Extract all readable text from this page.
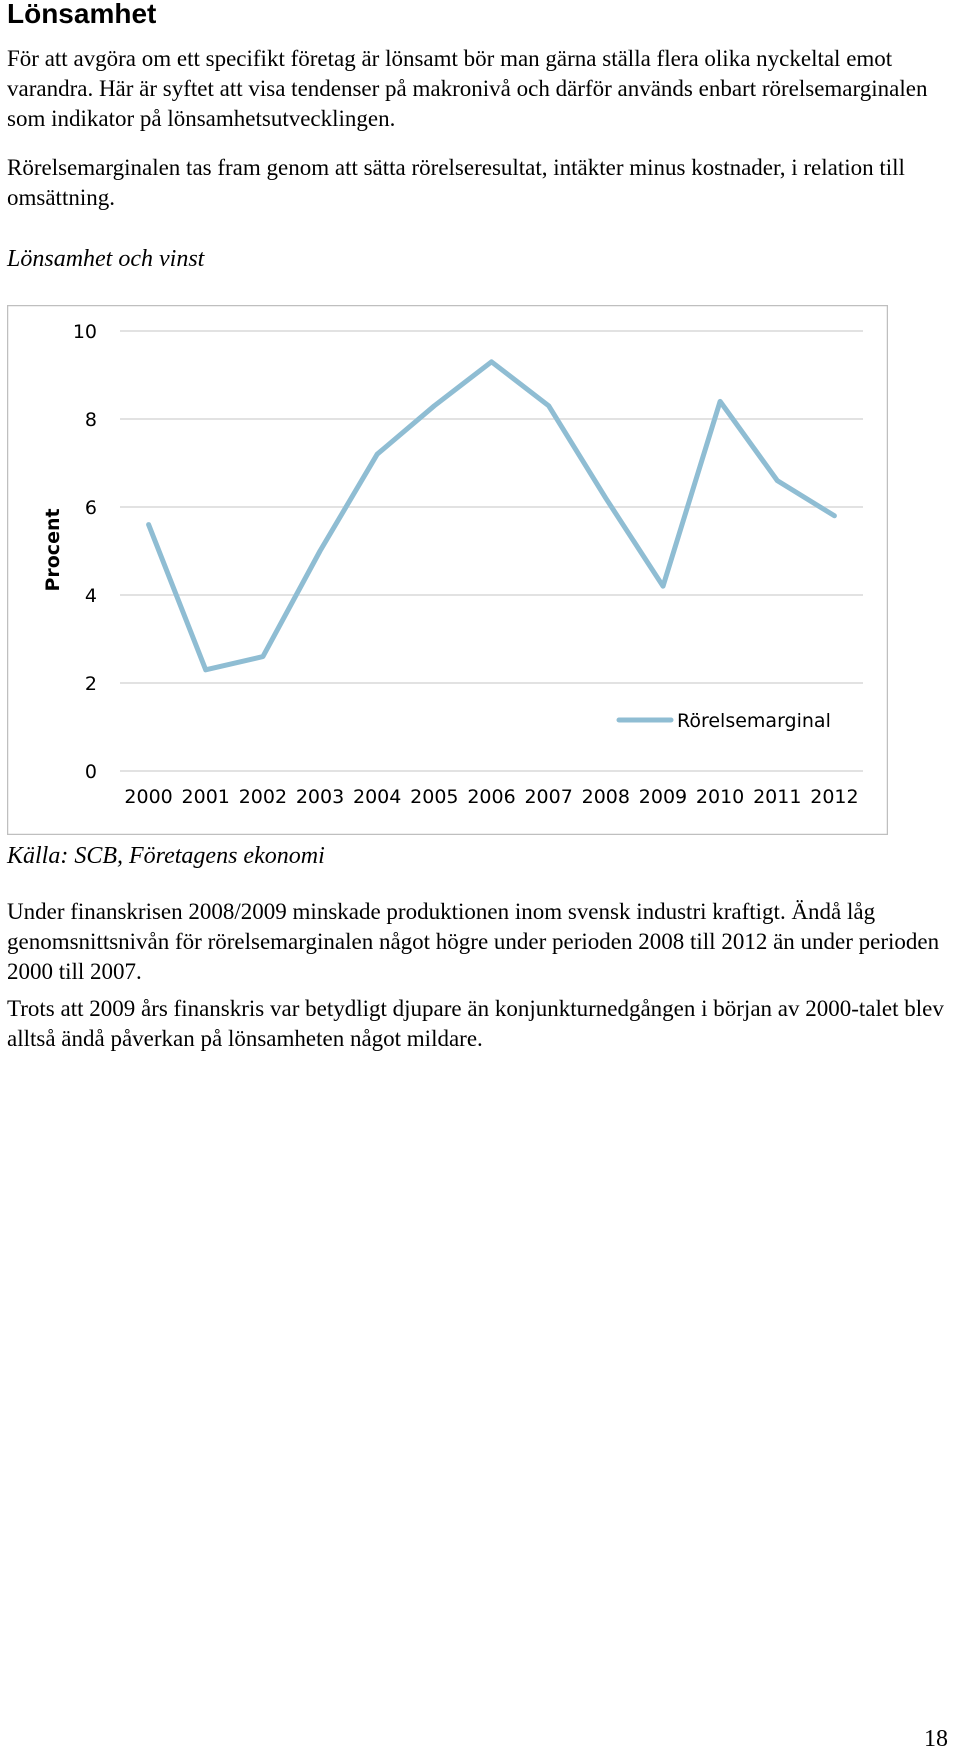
Lönsamhet

För att avgöra om ett specifikt företag är lönsamt bör man gärna ställa flera olika nyckeltal emot varandra. Här är syftet att visa tendenser på makronivå och därför används enbart rörelsemarginalen som indikator på lönsamhetsutvecklingen.

Rörelsemarginalen tas fram genom att sätta rörelseresultat, intäkter minus kostnader, i relation till omsättning.

Lönsamhet och vinst

0
2
4
6
8
10
2000 2001 2002 2003 2004 2005 2006 2007 2008 2009 2010 2011 2012
Procent
Rörelsemarginal

Källa: SCB, Företagens ekonomi

Under finanskrisen 2008/2009 minskade produktionen inom svensk industri kraftigt. Ändå låg genomsnittsnivån för rörelsemarginalen något högre under perioden 2008 till 2012 än under perioden 2000 till 2007.

Trots att 2009 års finanskris var betydligt djupare än konjunkturnedgången i början av 2000-talet blev alltså ändå påverkan på lönsamheten något mildare.

18
